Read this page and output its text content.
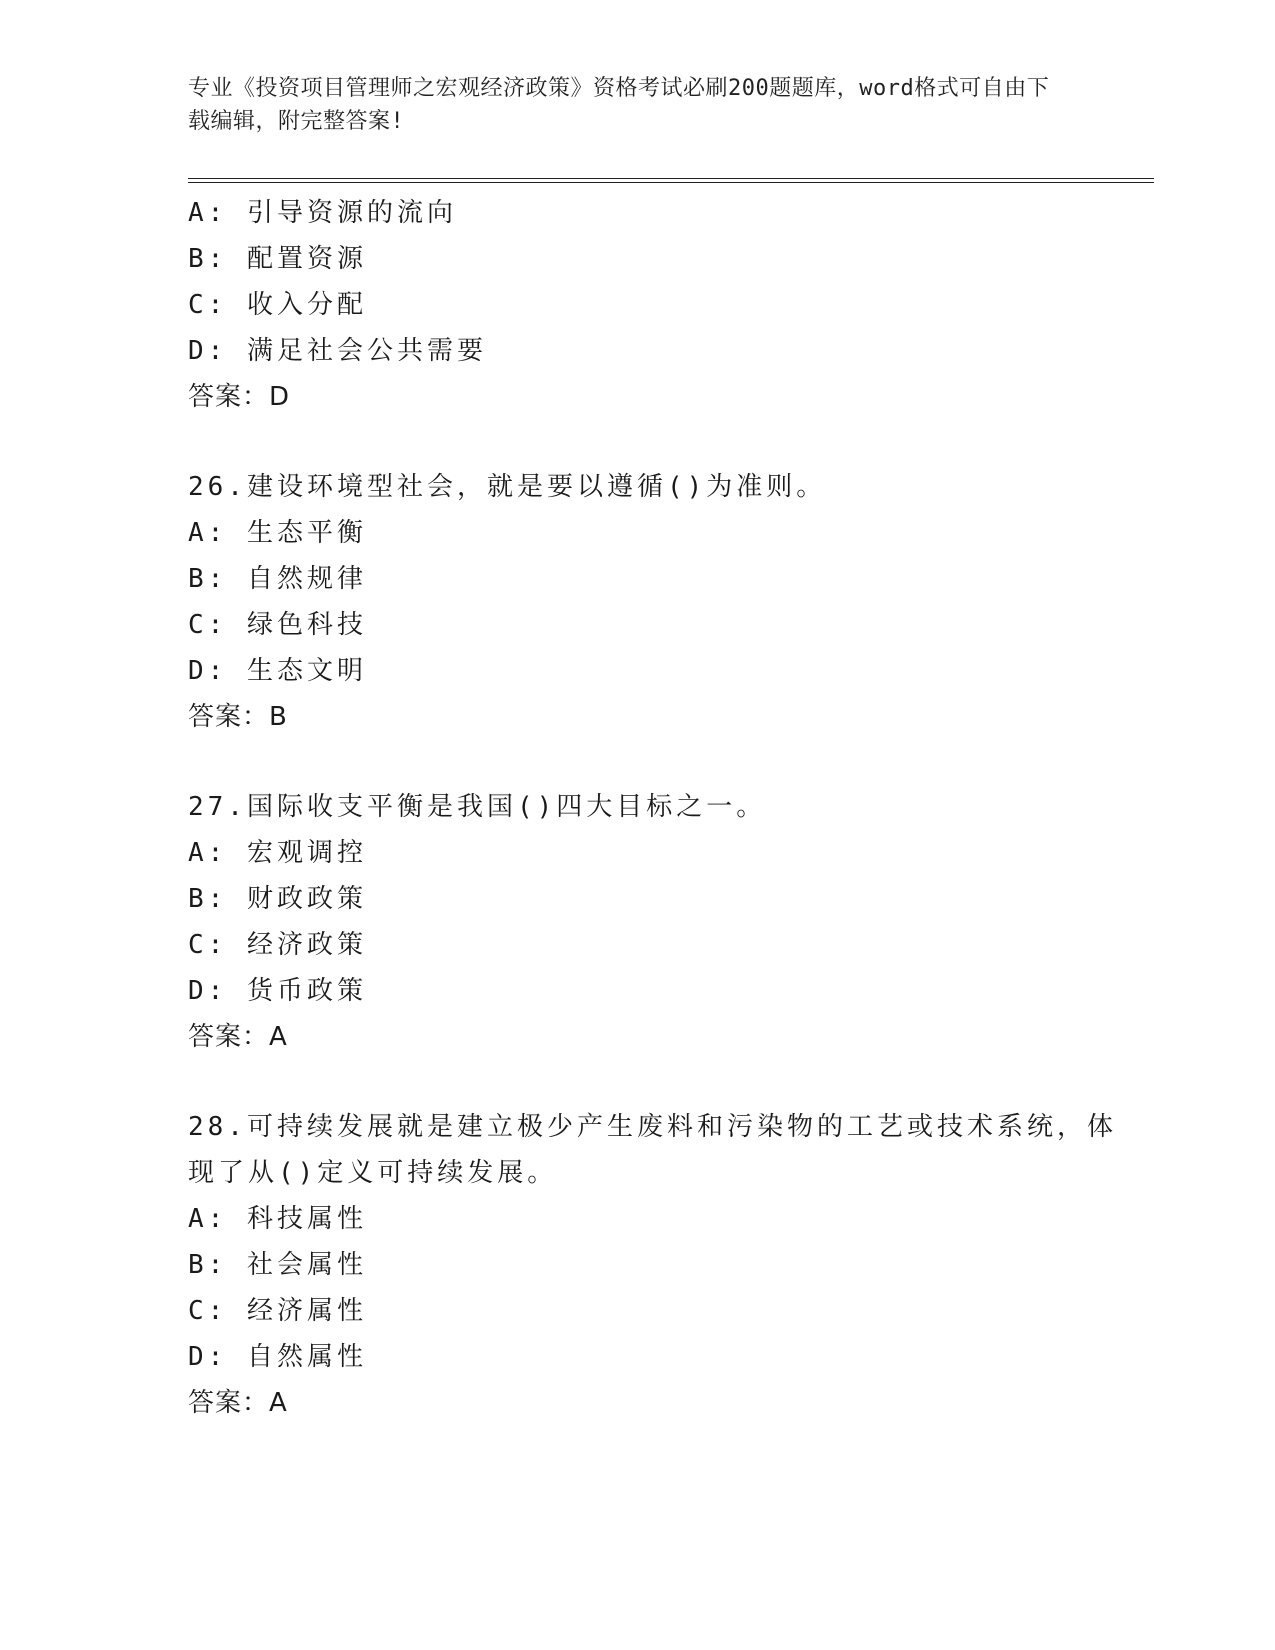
专业《投资项目管理师之宏观经济政策》资格考试必刷200题题库，word格式可自由下载编辑，附完整答案!
A: 引导资源的流向
B: 配置资源
C: 收入分配
D: 满足社会公共需要
答案：D
26.建设环境型社会，就是要以遵循()为准则。
A: 生态平衡
B: 自然规律
C: 绿色科技
D: 生态文明
答案：B
27.国际收支平衡是我国()四大目标之一。
A: 宏观调控
B: 财政政策
C: 经济政策
D: 货币政策
答案：A
28.可持续发展就是建立极少产生废料和污染物的工艺或技术系统，体现了从()定义可持续发展。
A: 科技属性
B: 社会属性
C: 经济属性
D: 自然属性
答案：A
